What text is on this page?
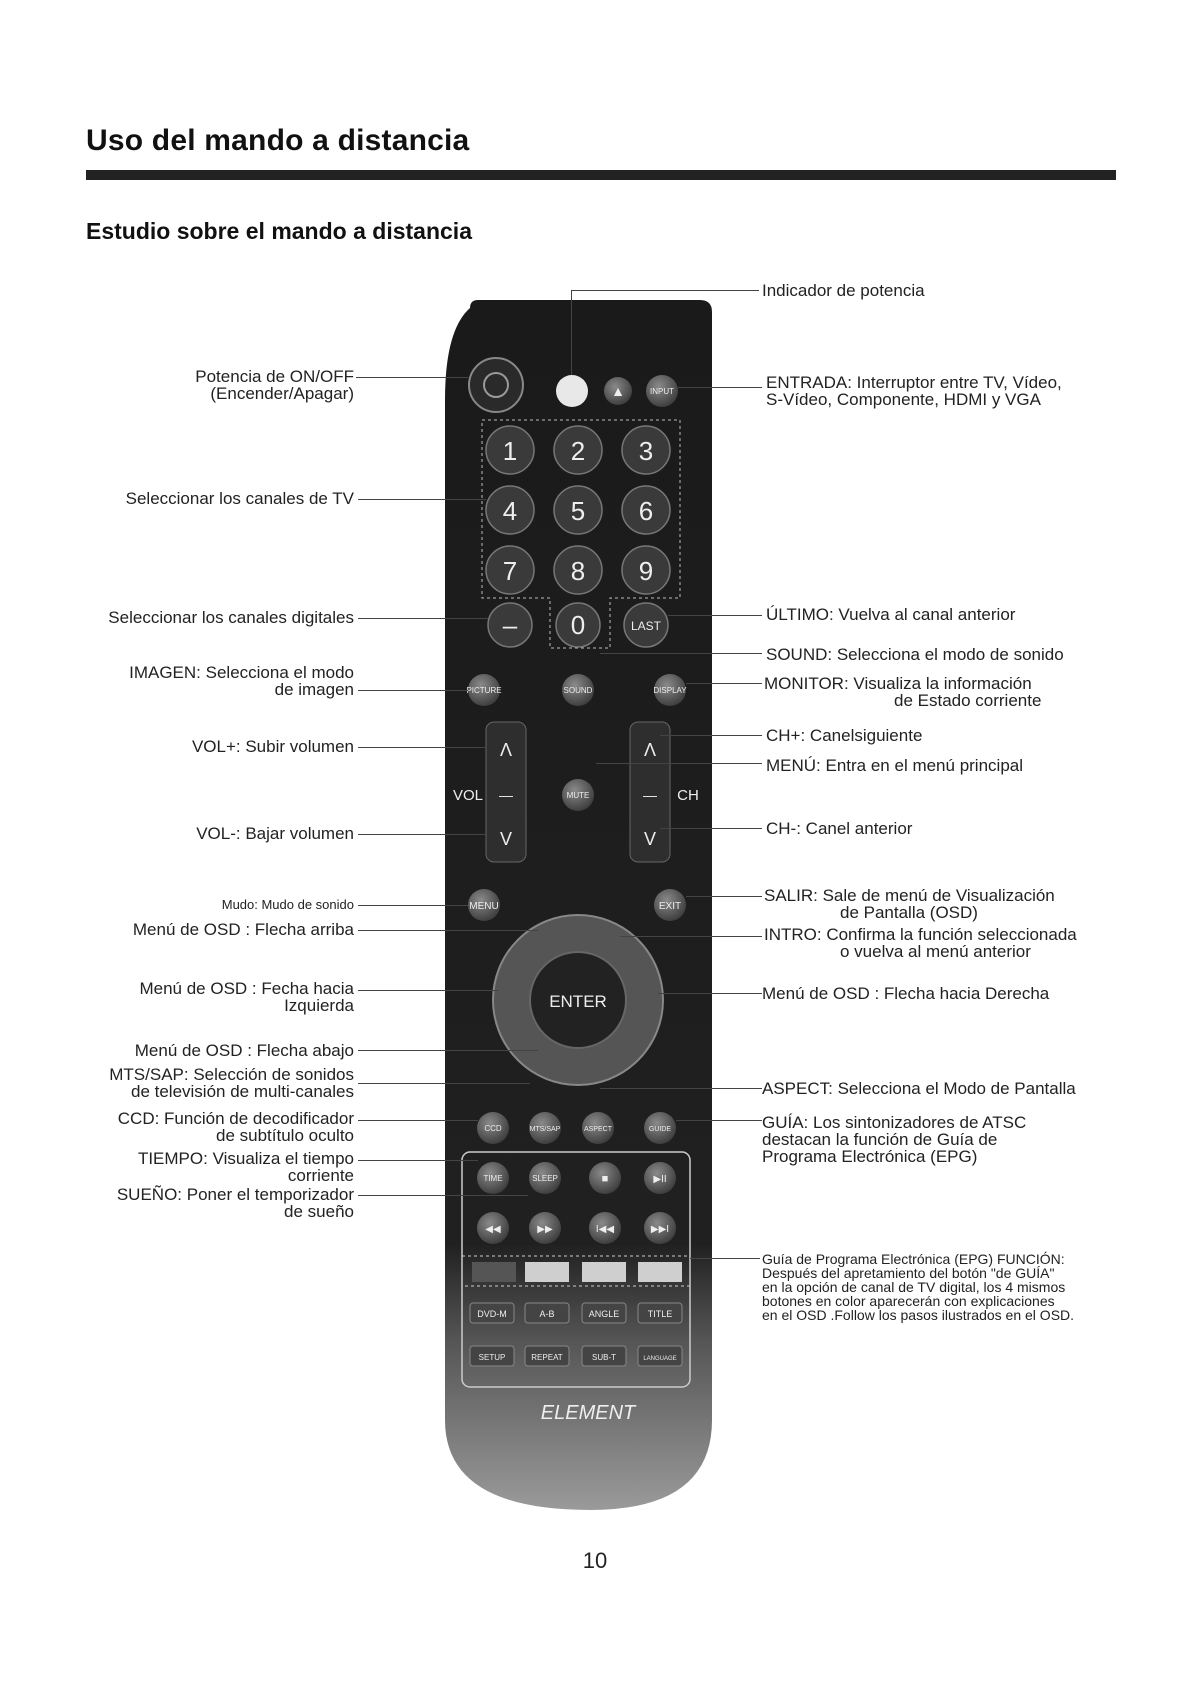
Uso del mando a distancia
Estudio sobre el mando a distancia
▲	INPUT
1 2 3
4 5 6
7 8 9
– 0	LAST
PICTURE	SOUND	DISPLAY
VOL	CH
Λ
—
V
Λ
—
V
MUTE
MENU	EXIT
ENTER
CCD	MTS/SAP	ASPECT	GUIDE
TIME	SLEEP	■	▶II
◀◀	▶▶	I◀◀	▶▶I
DVD-M	A-B	ANGLE	TITLE
SETUP	REPEAT	SUB-T	LANGUAGE
ELEMENT
Potencia de ON/OFF
(Encender/Apagar)
Seleccionar los canales de TV
Seleccionar los canales digitales
IMAGEN: Selecciona el modo
de imagen
VOL+: Subir volumen
VOL-: Bajar volumen
Mudo: Mudo de sonido
Menú de OSD : Flecha arriba
Menú de OSD : Fecha hacia
Izquierda
Menú de OSD : Flecha abajo
MTS/SAP: Selección de sonidos
de televisión de multi-canales
CCD: Función de decodificador
de subtítulo oculto
TIEMPO: Visualiza el tiempo
corriente
SUEÑO: Poner el temporizador
de sueño
Indicador de potencia
ENTRADA: Interruptor entre TV, Vídeo,
S-Vídeo, Componente, HDMI y VGA
ÚLTIMO: Vuelva al canal anterior
SOUND: Selecciona el modo de sonido
MONITOR: Visualiza la información
de Estado corriente
CH+: Canelsiguiente
MENÚ: Entra en el menú principal
CH-: Canel anterior
SALIR: Sale de menú de Visualización
de Pantalla (OSD)
INTRO: Confirma la función seleccionada
o vuelva al menú anterior
Menú de OSD : Flecha hacia Derecha
ASPECT: Selecciona el Modo de Pantalla
GUÍA: Los sintonizadores de ATSC
destacan la función de Guía de
Programa Electrónica (EPG)
Guía de Programa Electrónica (EPG) FUNCIÓN:
Después del apretamiento del botón "de GUÍA"
en la opción de canal de TV digital, los 4 mismos
botones en color aparecerán con explicaciones
en el OSD .Follow los pasos ilustrados en el OSD.
10
